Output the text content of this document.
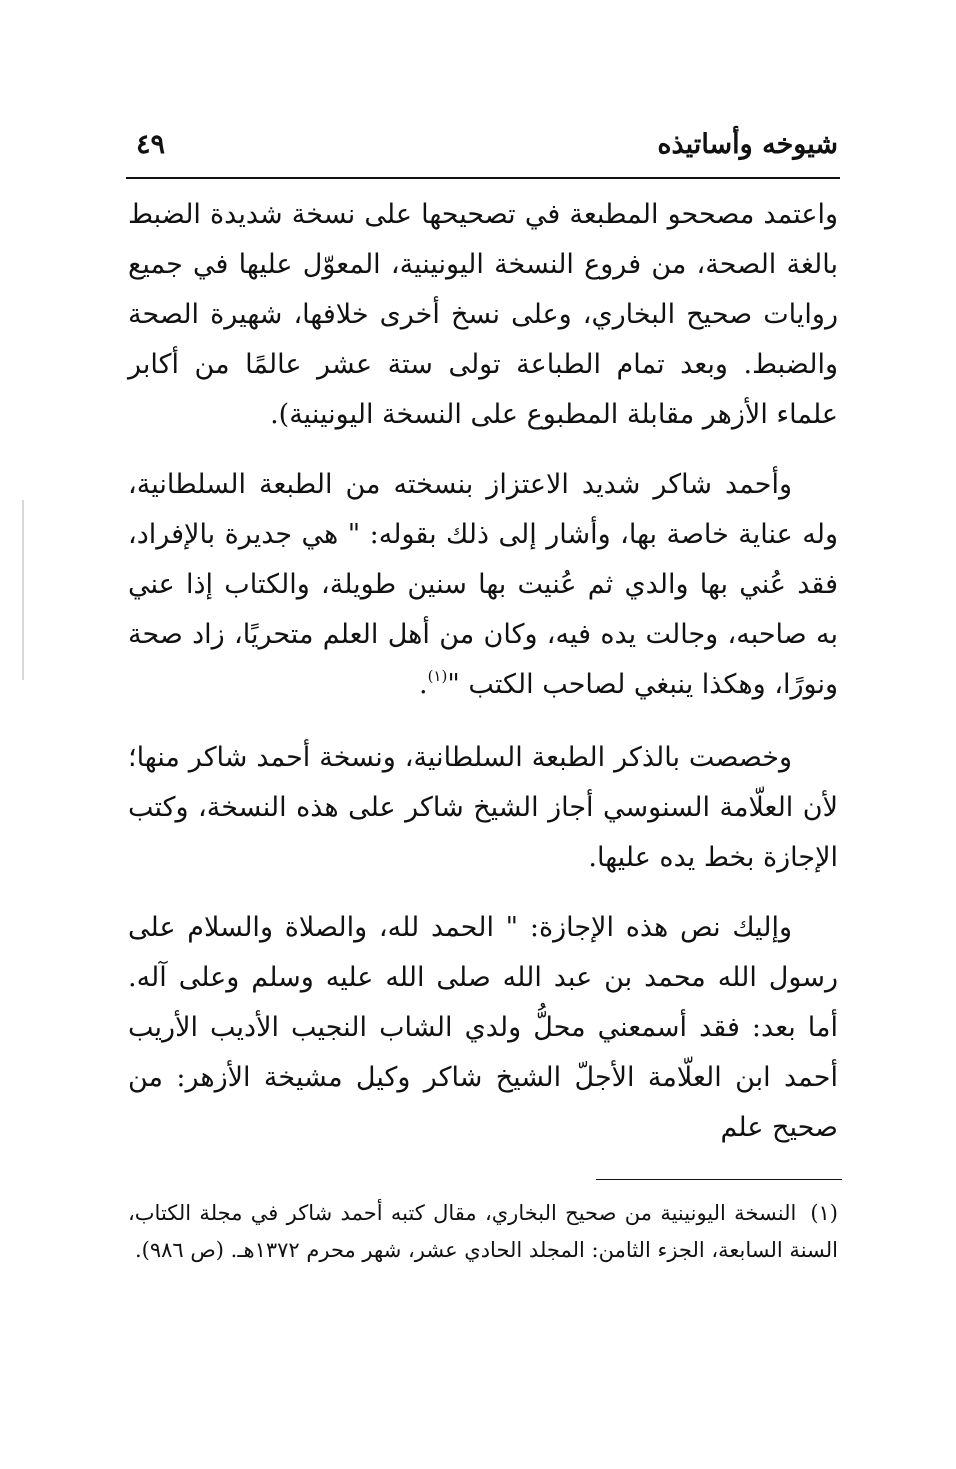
شيوخه وأساتيذه
٤٩

واعتمد مصححو المطبعة في تصحيحها على نسخة شديدة الضبط بالغة الصحة، من فروع النسخة اليونينية، المعوّل عليها في جميع روايات صحيح البخاري، وعلى نسخ أخرى خلافها، شهيرة الصحة والضبط. وبعد تمام الطباعة تولى ستة عشر عالمًا من أكابر علماء الأزهر مقابلة المطبوع على النسخة اليونينية).

وأحمد شاكر شديد الاعتزاز بنسخته من الطبعة السلطانية، وله عناية خاصة بها، وأشار إلى ذلك بقوله: " هي جديرة بالإفراد، فقد عُني بها والدي ثم عُنيت بها سنين طويلة، والكتاب إذا عني به صاحبه، وجالت يده فيه، وكان من أهل العلم متحريًا، زاد صحة ونورًا، وهكذا ينبغي لصاحب الكتب "$^{(١)}$.

وخصصت بالذكر الطبعة السلطانية، ونسخة أحمد شاكر منها؛ لأن العلّامة السنوسي أجاز الشيخ شاكر على هذه النسخة، وكتب الإجازة بخط يده عليها.

وإليك نص هذه الإجازة: " الحمد لله، والصلاة والسلام على رسول الله محمد بن عبد الله صلى الله عليه وسلم وعلى آله. أما بعد: فقد أسمعني محلُّ ولدي الشاب النجيب الأديب الأريب أحمد ابن العلّامة الأجلّ الشيخ شاكر وكيل مشيخة الأزهر: من صحيح علم

(١)النسخة اليونينية من صحيح البخاري، مقال كتبه أحمد شاكر في مجلة الكتاب، السنة السابعة، الجزء الثامن: المجلد الحادي عشر، شهر محرم ١٣٧٢هـ. (ص ٩٨٦).
